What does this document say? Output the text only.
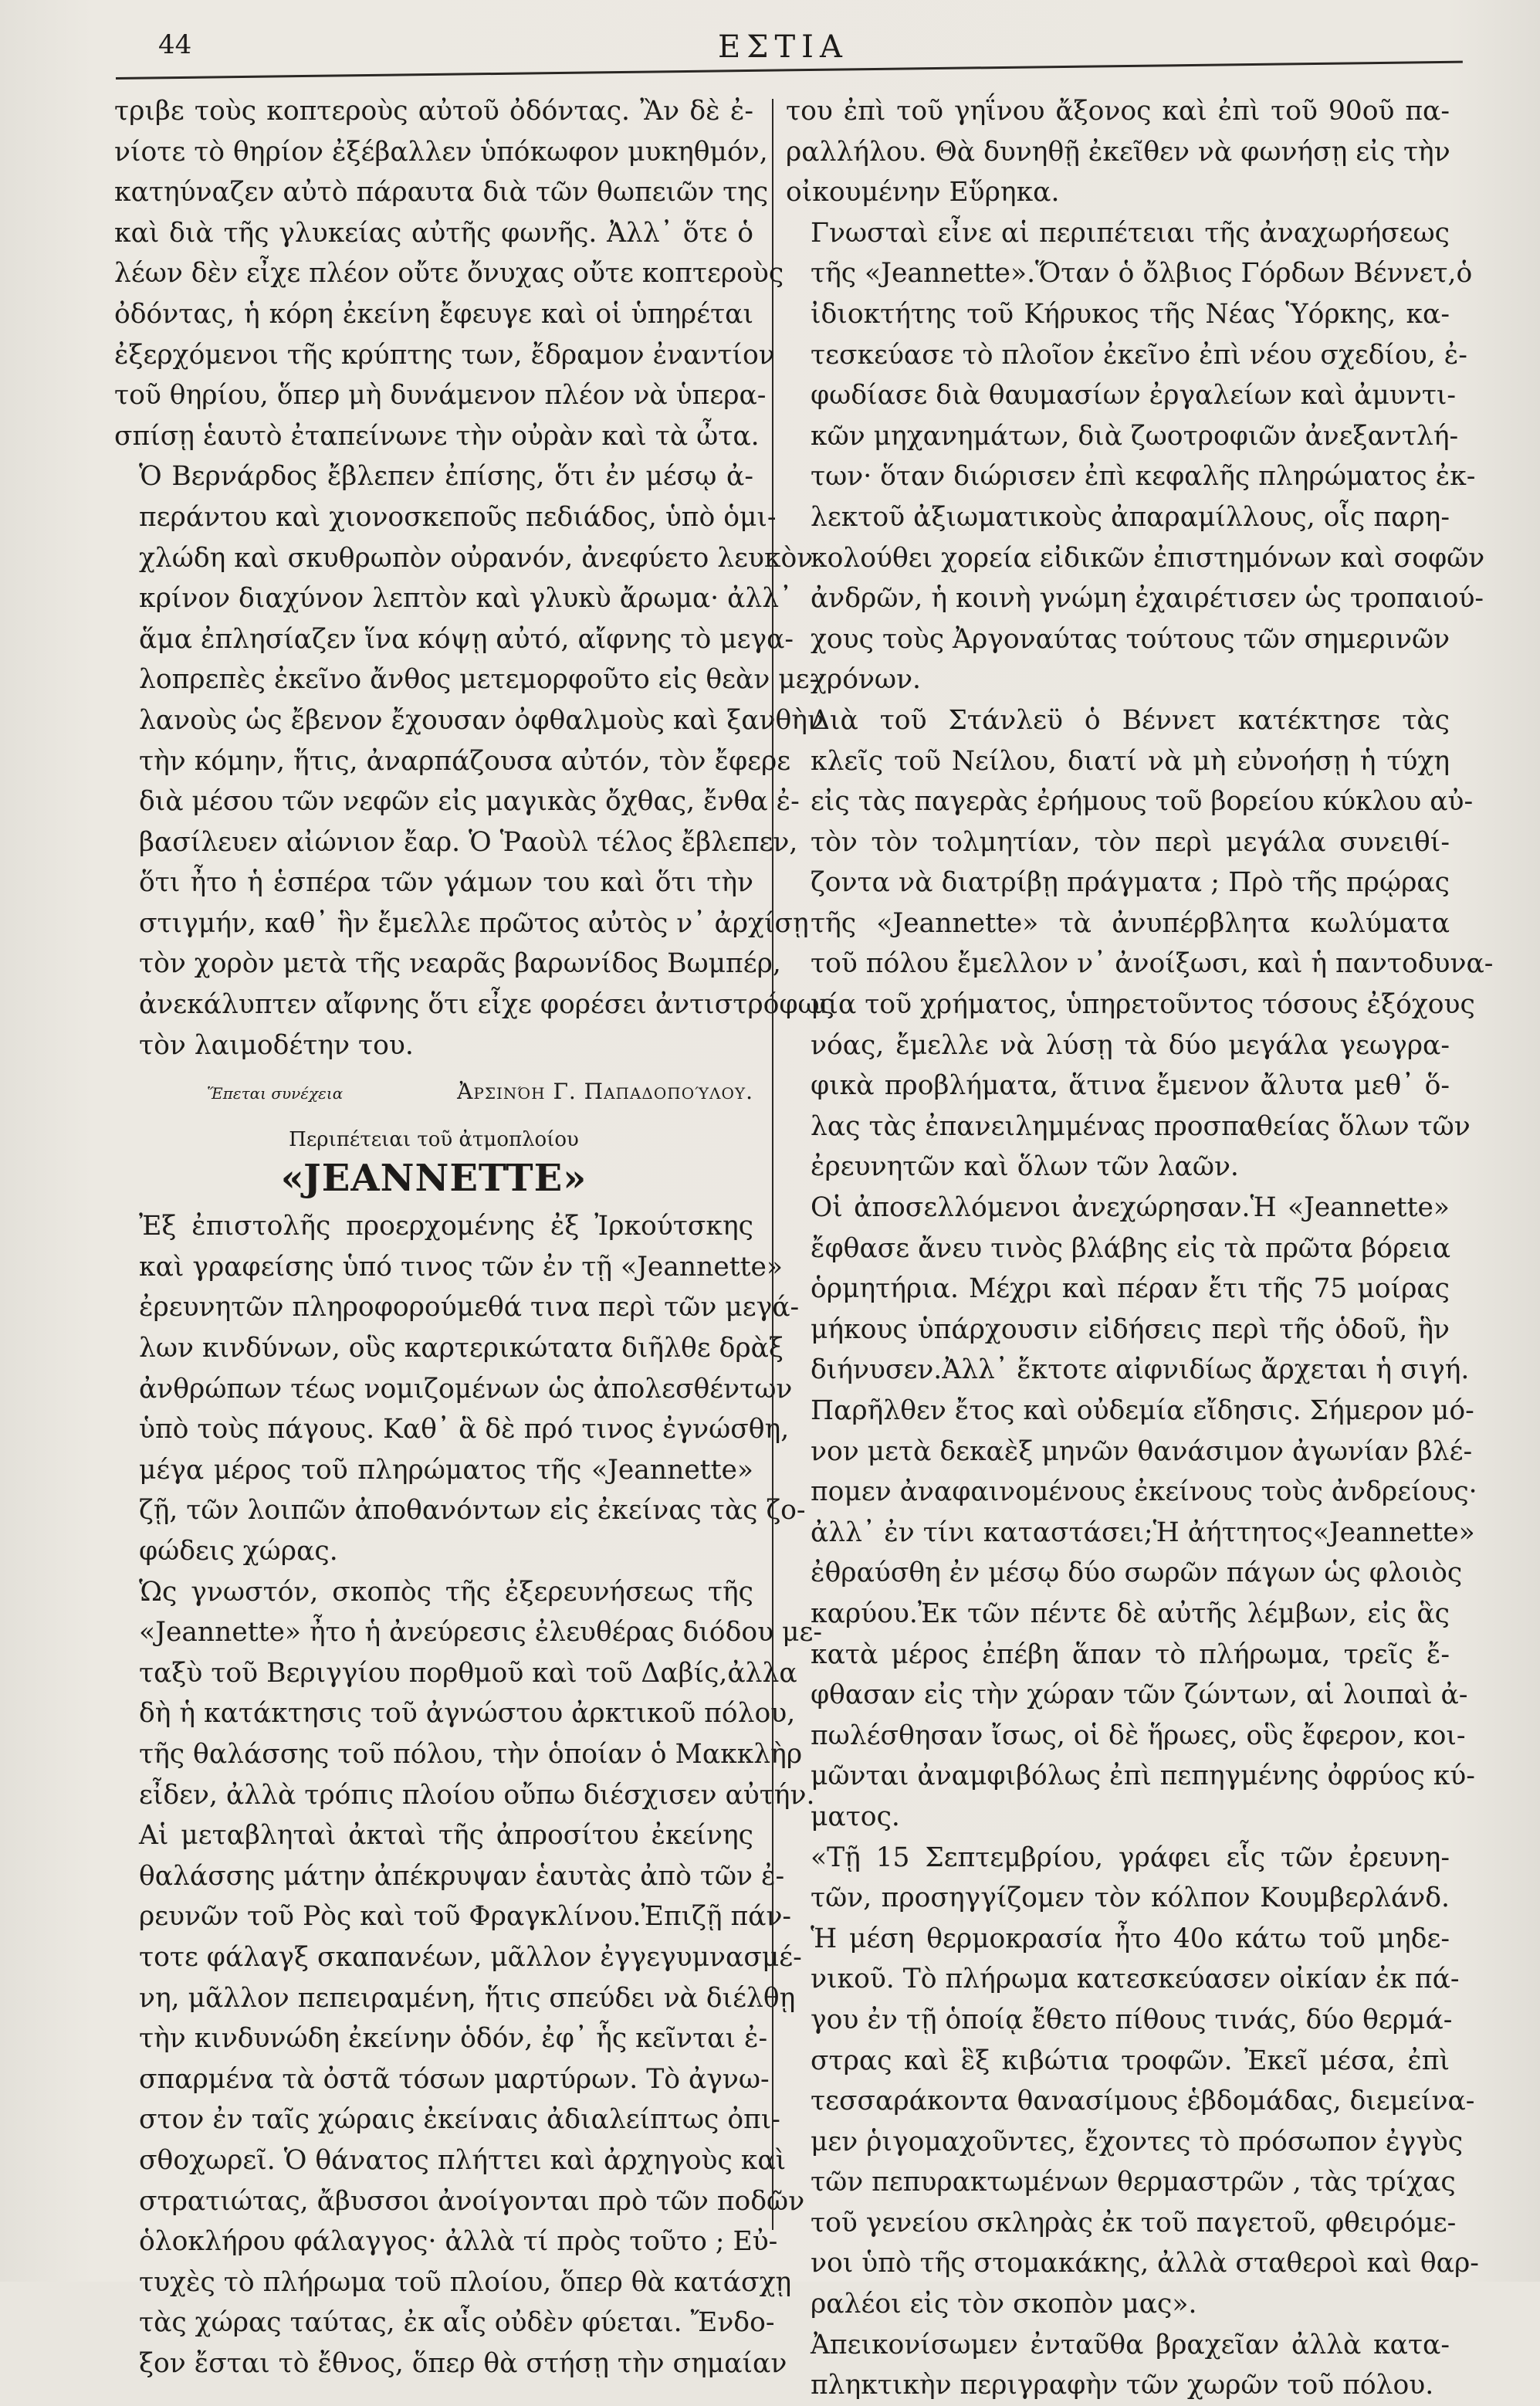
44	ΕΣΤΙΑ

τριβε τοὺς κοπτεροὺς αὐτοῦ ὀδόντας. Ἂν δὲ ἐ-
νίοτε τὸ θηρίον ἐξέβαλλεν ὑπόκωφον μυκηθμόν,
κατηύναζεν αὐτὸ πάραυτα διὰ τῶν θωπειῶν της
καὶ διὰ τῆς γλυκείας αὐτῆς φωνῆς. Ἀλλ᾽ ὅτε ὁ
λέων δὲν εἶχε πλέον οὔτε ὄνυχας οὔτε κοπτεροὺς
ὀδόντας, ἡ κόρη ἐκείνη ἔφευγε καὶ οἱ ὑπηρέται
ἐξερχόμενοι τῆς κρύπτης των, ἔδραμον ἐναντίον
τοῦ θηρίου, ὅπερ μὴ δυνάμενον πλέον νὰ ὑπερα-
σπίσῃ ἑαυτὸ ἐταπείνωνε τὴν οὐρὰν καὶ τὰ ὦτα.

Ὁ Βερνάρδος ἔβλεπεν ἐπίσης, ὅτι ἐν μέσῳ ἀ-
περάντου καὶ χιονοσκεποῦς πεδιάδος, ὑπὸ ὁμι-
χλώδη καὶ σκυθρωπὸν οὐρανόν, ἀνεφύετο λευκὸν
κρίνον διαχύνον λεπτὸν καὶ γλυκὺ ἄρωμα· ἀλλ᾽
ἅμα ἐπλησίαζεν ἵνα κόψῃ αὐτό, αἴφνης τὸ μεγα-
λοπρεπὲς ἐκεῖνο ἄνθος μετεμορφοῦτο εἰς θεὰν με-
λανοὺς ὡς ἔβενον ἔχουσαν ὀφθαλμοὺς καὶ ξανθὴν
τὴν κόμην, ἥτις, ἀναρπάζουσα αὐτόν, τὸν ἔφερε
διὰ μέσου τῶν νεφῶν εἰς μαγικὰς ὄχθας, ἔνθα ἐ-
βασίλευεν αἰώνιον ἔαρ. Ὁ Ῥαοὺλ τέλος ἔβλεπεν,
ὅτι ἦτο ἡ ἑσπέρα τῶν γάμων του καὶ ὅτι τὴν
στιγμήν, καθ᾽ ἣν ἔμελλε πρῶτος αὐτὸς ν᾽ ἀρχίσῃ
τὸν χορὸν μετὰ τῆς νεαρᾶς βαρωνίδος Βωμπέρ,
ἀνεκάλυπτεν αἴφνης ὅτι εἶχε φορέσει ἀντιστρόφως
τὸν λαιμοδέτην του.

Ἕπεται συνέχεια	Ἀρσινόη Γ. Παπαδοπούλου.
Περιπέτειαι τοῦ ἀτμοπλοίου
«JEANNETTE»

Ἐξ ἐπιστολῆς προερχομένης ἐξ Ἰρκούτσκης
καὶ γραφείσης ὑπό τινος τῶν ἐν τῇ «Jeannette»
ἐρευνητῶν πληροφορούμεθά τινα περὶ τῶν μεγά-
λων κινδύνων, οὓς καρτερικώτατα διῆλθε δρὰξ
ἀνθρώπων τέως νομιζομένων ὡς ἀπολεσθέντων
ὑπὸ τοὺς πάγους. Καθ᾽ ἃ δὲ πρό τινος ἐγνώσθη,
μέγα μέρος τοῦ πληρώματος τῆς «Jeannette»
ζῇ, τῶν λοιπῶν ἀποθανόντων εἰς ἐκείνας τὰς ζο-
φώδεις χώρας.

Ὡς γνωστόν, σκοπὸς τῆς ἐξερευνήσεως τῆς
«Jeannette» ἦτο ἡ ἀνεύρεσις ἐλευθέρας διόδου με-
ταξὺ τοῦ Βεριγγίου πορθμοῦ καὶ τοῦ Δαβίς,ἀλλα
δὴ ἡ κατάκτησις τοῦ ἀγνώστου ἀρκτικοῦ πόλου,
τῆς θαλάσσης τοῦ πόλου, τὴν ὁποίαν ὁ Μακκλὴρ
εἶδεν, ἀλλὰ τρόπις πλοίου οὔπω διέσχισεν αὐτήν.

Αἱ μεταβληταὶ ἀκταὶ τῆς ἀπροσίτου ἐκείνης
θαλάσσης μάτην ἀπέκρυψαν ἑαυτὰς ἀπὸ τῶν ἐ-
ρευνῶν τοῦ Ρὸς καὶ τοῦ Φραγκλίνου.Ἐπιζῇ πάν-
τοτε φάλαγξ σκαπανέων, μᾶλλον ἐγγεγυμνασμέ-
νη, μᾶλλον πεπειραμένη, ἥτις σπεύδει νὰ διέλθῃ
τὴν κινδυνώδη ἐκείνην ὁδόν, ἐφ᾽ ἧς κεῖνται ἐ-
σπαρμένα τὰ ὀστᾶ τόσων μαρτύρων. Τὸ ἀγνω-
στον ἐν ταῖς χώραις ἐκείναις ἀδιαλείπτως ὀπι-
σθοχωρεῖ. Ὁ θάνατος πλήττει καὶ ἀρχηγοὺς καὶ
στρατιώτας, ἄβυσσοι ἀνοίγονται πρὸ τῶν ποδῶν
ὁλοκλήρου φάλαγγος· ἀλλὰ τί πρὸς τοῦτο ; Εὐ-
τυχὲς τὸ πλήρωμα τοῦ πλοίου, ὅπερ θὰ κατάσχῃ
τὰς χώρας ταύτας, ἐκ αἷς οὐδὲν φύεται. Ἔνδο-
ξον ἔσται τὸ ἔθνος, ὅπερ θὰ στήσῃ τὴν σημαίαν

του ἐπὶ τοῦ γηΐνου ἄξονος καὶ ἐπὶ τοῦ 90οῦ πα-
ραλλήλου. Θὰ δυνηθῇ ἐκεῖθεν νὰ φωνήσῃ εἰς τὴν
οἰκουμένην Εὕρηκα.

Γνωσταὶ εἶνε αἱ περιπέτειαι τῆς ἀναχωρήσεως
τῆς «Jeannette».Ὅταν ὁ ὄλβιος Γόρδων Βέννετ,ὁ
ἰδιοκτήτης τοῦ Κήρυκος τῆς Νέας Ὑόρκης, κα-
τεσκεύασε τὸ πλοῖον ἐκεῖνο ἐπὶ νέου σχεδίου, ἐ-
φωδίασε διὰ θαυμασίων ἐργαλείων καὶ ἀμυντι-
κῶν μηχανημάτων, διὰ ζωοτροφιῶν ἀνεξαντλή-
των· ὅταν διώρισεν ἐπὶ κεφαλῆς πληρώματος ἐκ-
λεκτοῦ ἀξιωματικοὺς ἀπαραμίλλους, οἷς παρη-
κολούθει χορεία εἰδικῶν ἐπιστημόνων καὶ σοφῶν
ἀνδρῶν, ἡ κοινὴ γνώμη ἐχαιρέτισεν ὡς τροπαιού-
χους τοὺς Ἀργοναύτας τούτους τῶν σημερινῶν
χρόνων.

Διὰ τοῦ Στάνλεϋ ὁ Βέννετ κατέκτησε τὰς
κλεῖς τοῦ Νείλου, διατί νὰ μὴ εὐνοήσῃ ἡ τύχη
εἰς τὰς παγερὰς ἐρήμους τοῦ βορείου κύκλου αὐ-
τὸν τὸν τολμητίαν, τὸν περὶ μεγάλα συνειθί-
ζοντα νὰ διατρίβῃ πράγματα ; Πρὸ τῆς πρῴρας
τῆς «Jeannette» τὰ ἀνυπέρβλητα κωλύματα
τοῦ πόλου ἔμελλον ν᾽ ἀνοίξωσι, καὶ ἡ παντοδυνα-
μία τοῦ χρήματος, ὑπηρετοῦντος τόσους ἐξόχους
νόας, ἔμελλε νὰ λύσῃ τὰ δύο μεγάλα γεωγρα-
φικὰ προβλήματα, ἅτινα ἔμενον ἄλυτα μεθ᾽ ὅ-
λας τὰς ἐπανειλημμένας προσπαθείας ὅλων τῶν
ἐρευνητῶν καὶ ὅλων τῶν λαῶν.

Οἱ ἀποσελλόμενοι ἀνεχώρησαν.Ἡ «Jeannette»
ἔφθασε ἄνευ τινὸς βλάβης εἰς τὰ πρῶτα βόρεια
ὁρμητήρια. Μέχρι καὶ πέραν ἔτι τῆς 75 μοίρας
μήκους ὑπάρχουσιν εἰδήσεις περὶ τῆς ὁδοῦ, ἣν
διήνυσεν.Ἀλλ᾽ ἔκτοτε αἰφνιδίως ἄρχεται ἡ σιγή.
Παρῆλθεν ἔτος καὶ οὐδεμία εἴδησις. Σήμερον μό-
νον μετὰ δεκαὲξ μηνῶν θανάσιμον ἀγωνίαν βλέ-
πομεν ἀναφαινομένους ἐκείνους τοὺς ἀνδρείους·
ἀλλ᾽ ἐν τίνι καταστάσει;Ἡ ἀήττητος«Jeannette»
ἐθραύσθη ἐν μέσῳ δύο σωρῶν πάγων ὡς φλοιὸς
καρύου.Ἐκ τῶν πέντε δὲ αὐτῆς λέμβων, εἰς ἃς
κατὰ μέρος ἐπέβη ἅπαν τὸ πλήρωμα, τρεῖς ἔ-
φθασαν εἰς τὴν χώραν τῶν ζώντων, αἱ λοιπαὶ ἀ-
πωλέσθησαν ἴσως, οἱ δὲ ἥρωες, οὓς ἔφερον, κοι-
μῶνται ἀναμφιβόλως ἐπὶ πεπηγμένης ὀφρύος κύ-
ματος.

«Τῇ 15 Σεπτεμβρίου, γράφει εἷς τῶν ἐρευνη-
τῶν, προσηγγίζομεν τὸν κόλπον Κουμβερλάνδ.
Ἡ μέση θερμοκρασία ἦτο 40ο κάτω τοῦ μηδε-
νικοῦ. Τὸ πλήρωμα κατεσκεύασεν οἰκίαν ἐκ πά-
γου ἐν τῇ ὁποίᾳ ἔθετο πίθους τινάς, δύο θερμά-
στρας καὶ ἓξ κιβώτια τροφῶν. Ἐκεῖ μέσα, ἐπὶ
τεσσαράκοντα θανασίμους ἑβδομάδας, διεμείνα-
μεν ῥιγομαχοῦντες, ἔχοντες τὸ πρόσωπον ἐγγὺς
τῶν πεπυρακτωμένων θερμαστρῶν , τὰς τρίχας
τοῦ γενείου σκληρὰς ἐκ τοῦ παγετοῦ, φθειρόμε-
νοι ὑπὸ τῆς στομακάκης, ἀλλὰ σταθεροὶ καὶ θαρ-
ραλέοι εἰς τὸν σκοπὸν μας».

Ἀπεικονίσωμεν ἐνταῦθα βραχεῖαν ἀλλὰ κατα-
πληκτικὴν περιγραφὴν τῶν χωρῶν τοῦ πόλου.
